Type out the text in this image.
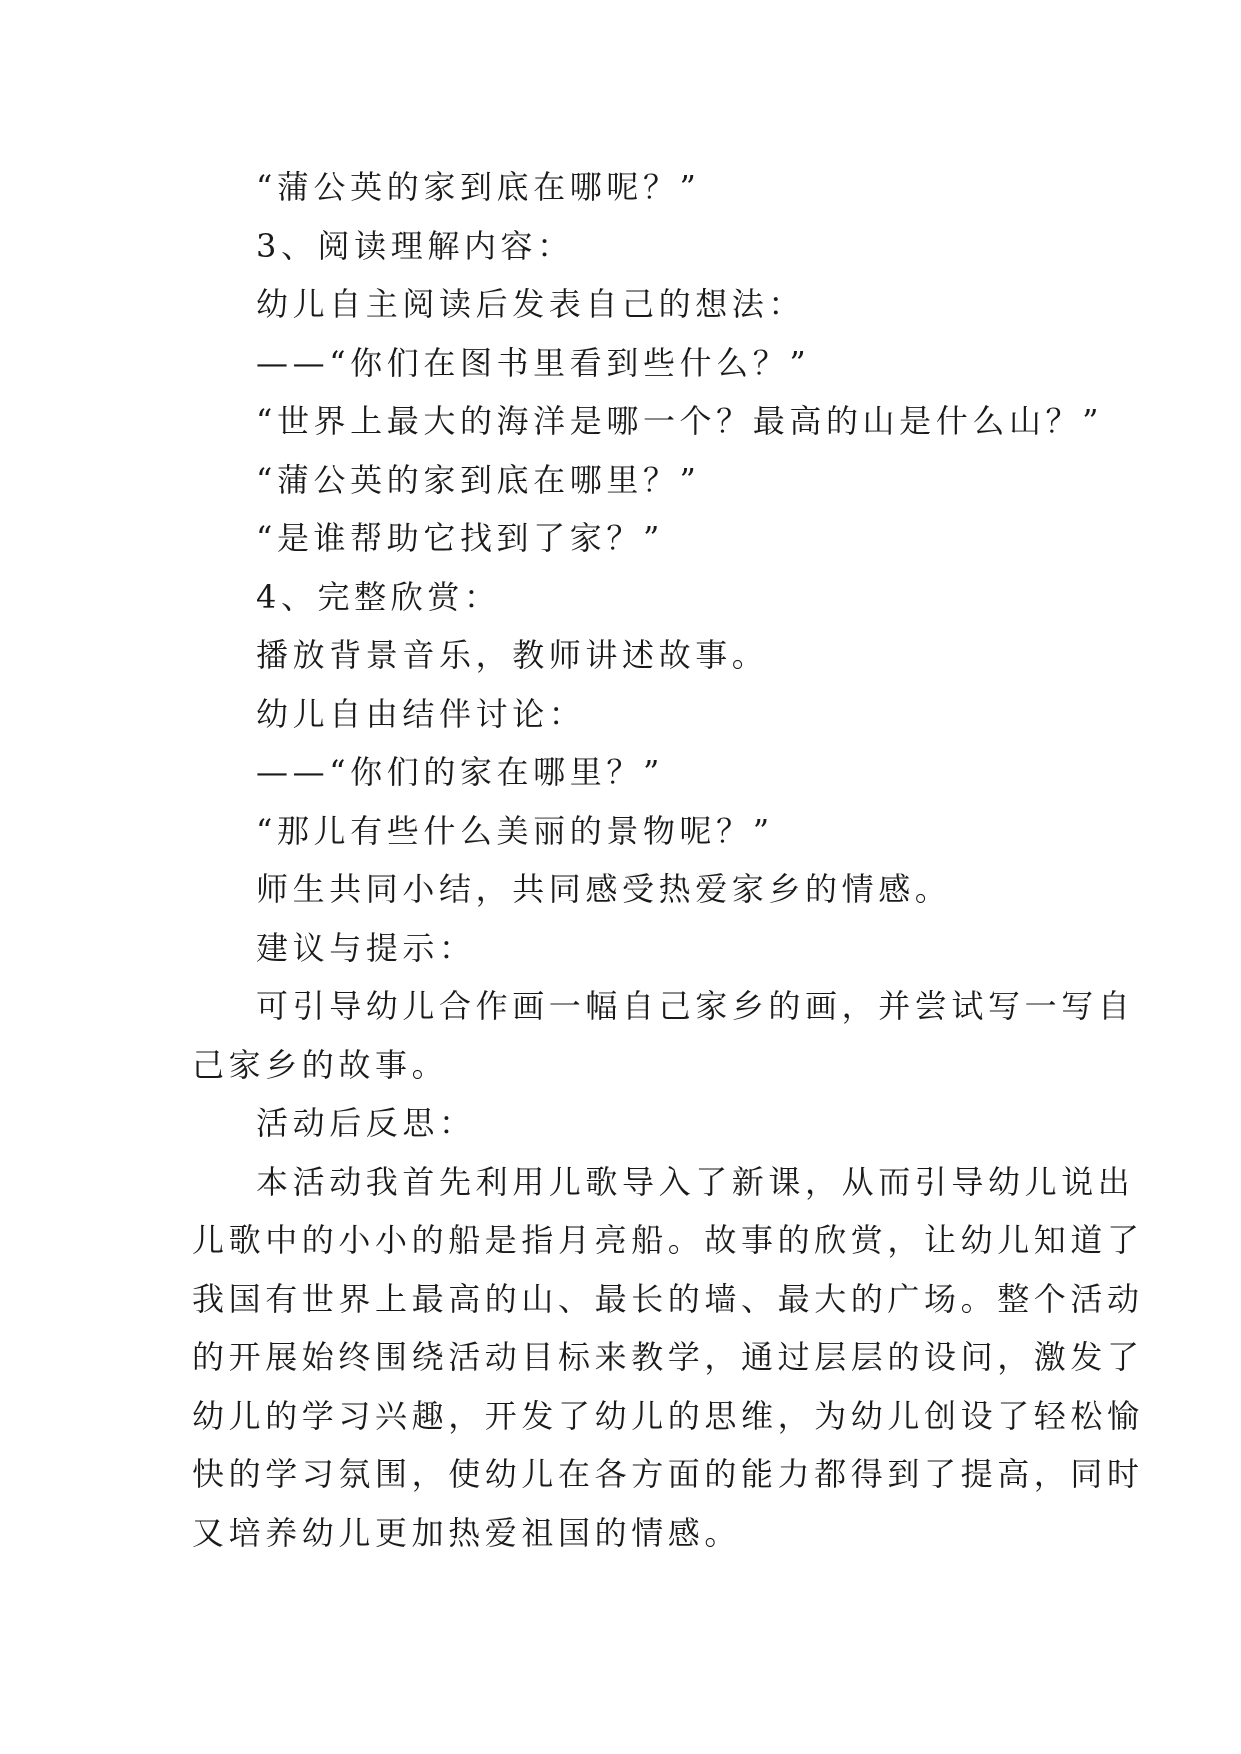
“蒲公英的家到底在哪呢？”
3、阅读理解内容：
幼儿自主阅读后发表自己的想法：
——“你们在图书里看到些什么？”
“世界上最大的海洋是哪一个？最高的山是什么山？”
“蒲公英的家到底在哪里？”
“是谁帮助它找到了家？”
4、完整欣赏：
播放背景音乐，教师讲述故事。
幼儿自由结伴讨论：
——“你们的家在哪里？”
“那儿有些什么美丽的景物呢？”
师生共同小结，共同感受热爱家乡的情感。
建议与提示：
可引导幼儿合作画一幅自己家乡的画，并尝试写一写自
己家乡的故事。
活动后反思：
本活动我首先利用儿歌导入了新课，从而引导幼儿说出
儿歌中的小小的船是指月亮船。故事的欣赏，让幼儿知道了
我国有世界上最高的山、最长的墙、最大的广场。整个活动
的开展始终围绕活动目标来教学，通过层层的设问，激发了
幼儿的学习兴趣，开发了幼儿的思维，为幼儿创设了轻松愉
快的学习氛围，使幼儿在各方面的能力都得到了提高，同时
又培养幼儿更加热爱祖国的情感。
